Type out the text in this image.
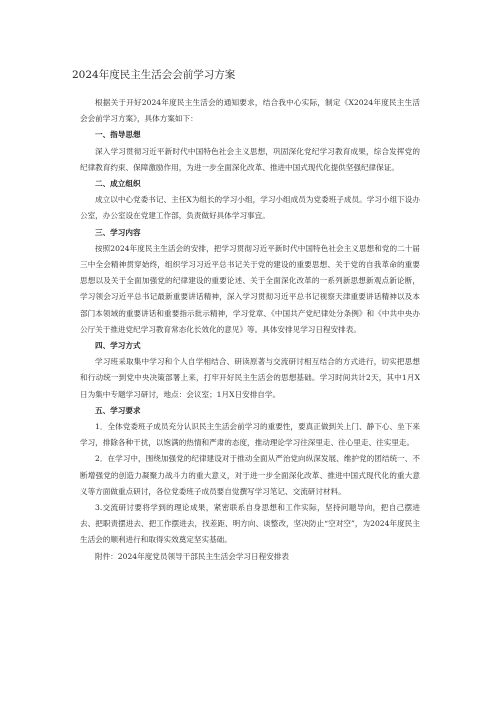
2024年度民主生活会会前学习方案

根据关于开好2024年度民主生活会的通知要求，结合我中心实际，制定《X2024年度民主生活会会前学习方案》，具体方案如下：

一、指导思想

深入学习贯彻习近平新时代中国特色社会主义思想，巩固深化党纪学习教育成果，综合发挥党的纪律教育约束、保障激励作用，为进一步全面深化改革、推进中国式现代化提供坚强纪律保证。

二、成立组织

成立以中心党委书记、主任X为组长的学习小组，学习小组成员为党委班子成员。学习小组下设办公室，办公室设在党建工作部，负责做好具体学习事宜。

三、学习内容

按照2024年度民主生活会的安排，把学习贯彻习近平新时代中国特色社会主义思想和党的二十届三中全会精神贯穿始终，组织学习习近平总书记关于党的建设的重要思想、关于党的自我革命的重要思想以及关于全面加强党的纪律建设的重要论述、关于全面深化改革的一系列新思想新观点新论断，学习领会习近平总书记最新重要讲话精神，深入学习贯彻习近平总书记视察天津重要讲话精神以及本部门本领域的重要讲话和重要指示批示精神，学习党章、《中国共产党纪律处分条例》和《中共中央办公厅关于推进党纪学习教育常态化长效化的意见》等。具体安排见学习日程安排表。

四、学习方式

学习班采取集中学习和个人自学相结合、研读原著与交流研讨相互结合的方式进行，切实把思想和行动统一到党中央决策部署上来，打牢开好民主生活会的思想基础。学习时间共计2天，其中1月X日为集中专题学习研讨，地点：会议室；1月X日安排自学。

五、学习要求

1．全体党委班子成员充分认识民主生活会前学习的重要性，要真正做到关上门、静下心、坐下来学习，排除各种干扰，以饱满的热情和严肃的态度，推动理论学习往深里走、往心里走、往实里走。

2．在学习中，围绕加强党的纪律建设对于推动全面从严治党向纵深发展、维护党的团结统一、不断增强党的创造力凝聚力战斗力的重大意义，对于进一步全面深化改革、推进中国式现代化的重大意义等方面做重点研讨，各位党委班子成员要自觉撰写学习笔记、交流研讨材料。

3.交流研讨要将学到的理论成果，紧密联系自身思想和工作实际，坚持问题导向，把自己摆进去、把职责摆进去、把工作摆进去，找差距、明方向、谈整改，坚决防止“空对空”，为2024年度民主生活会的顺利进行和取得实效奠定坚实基础。

附件：2024年度党员领导干部民主生活会学习日程安排表
